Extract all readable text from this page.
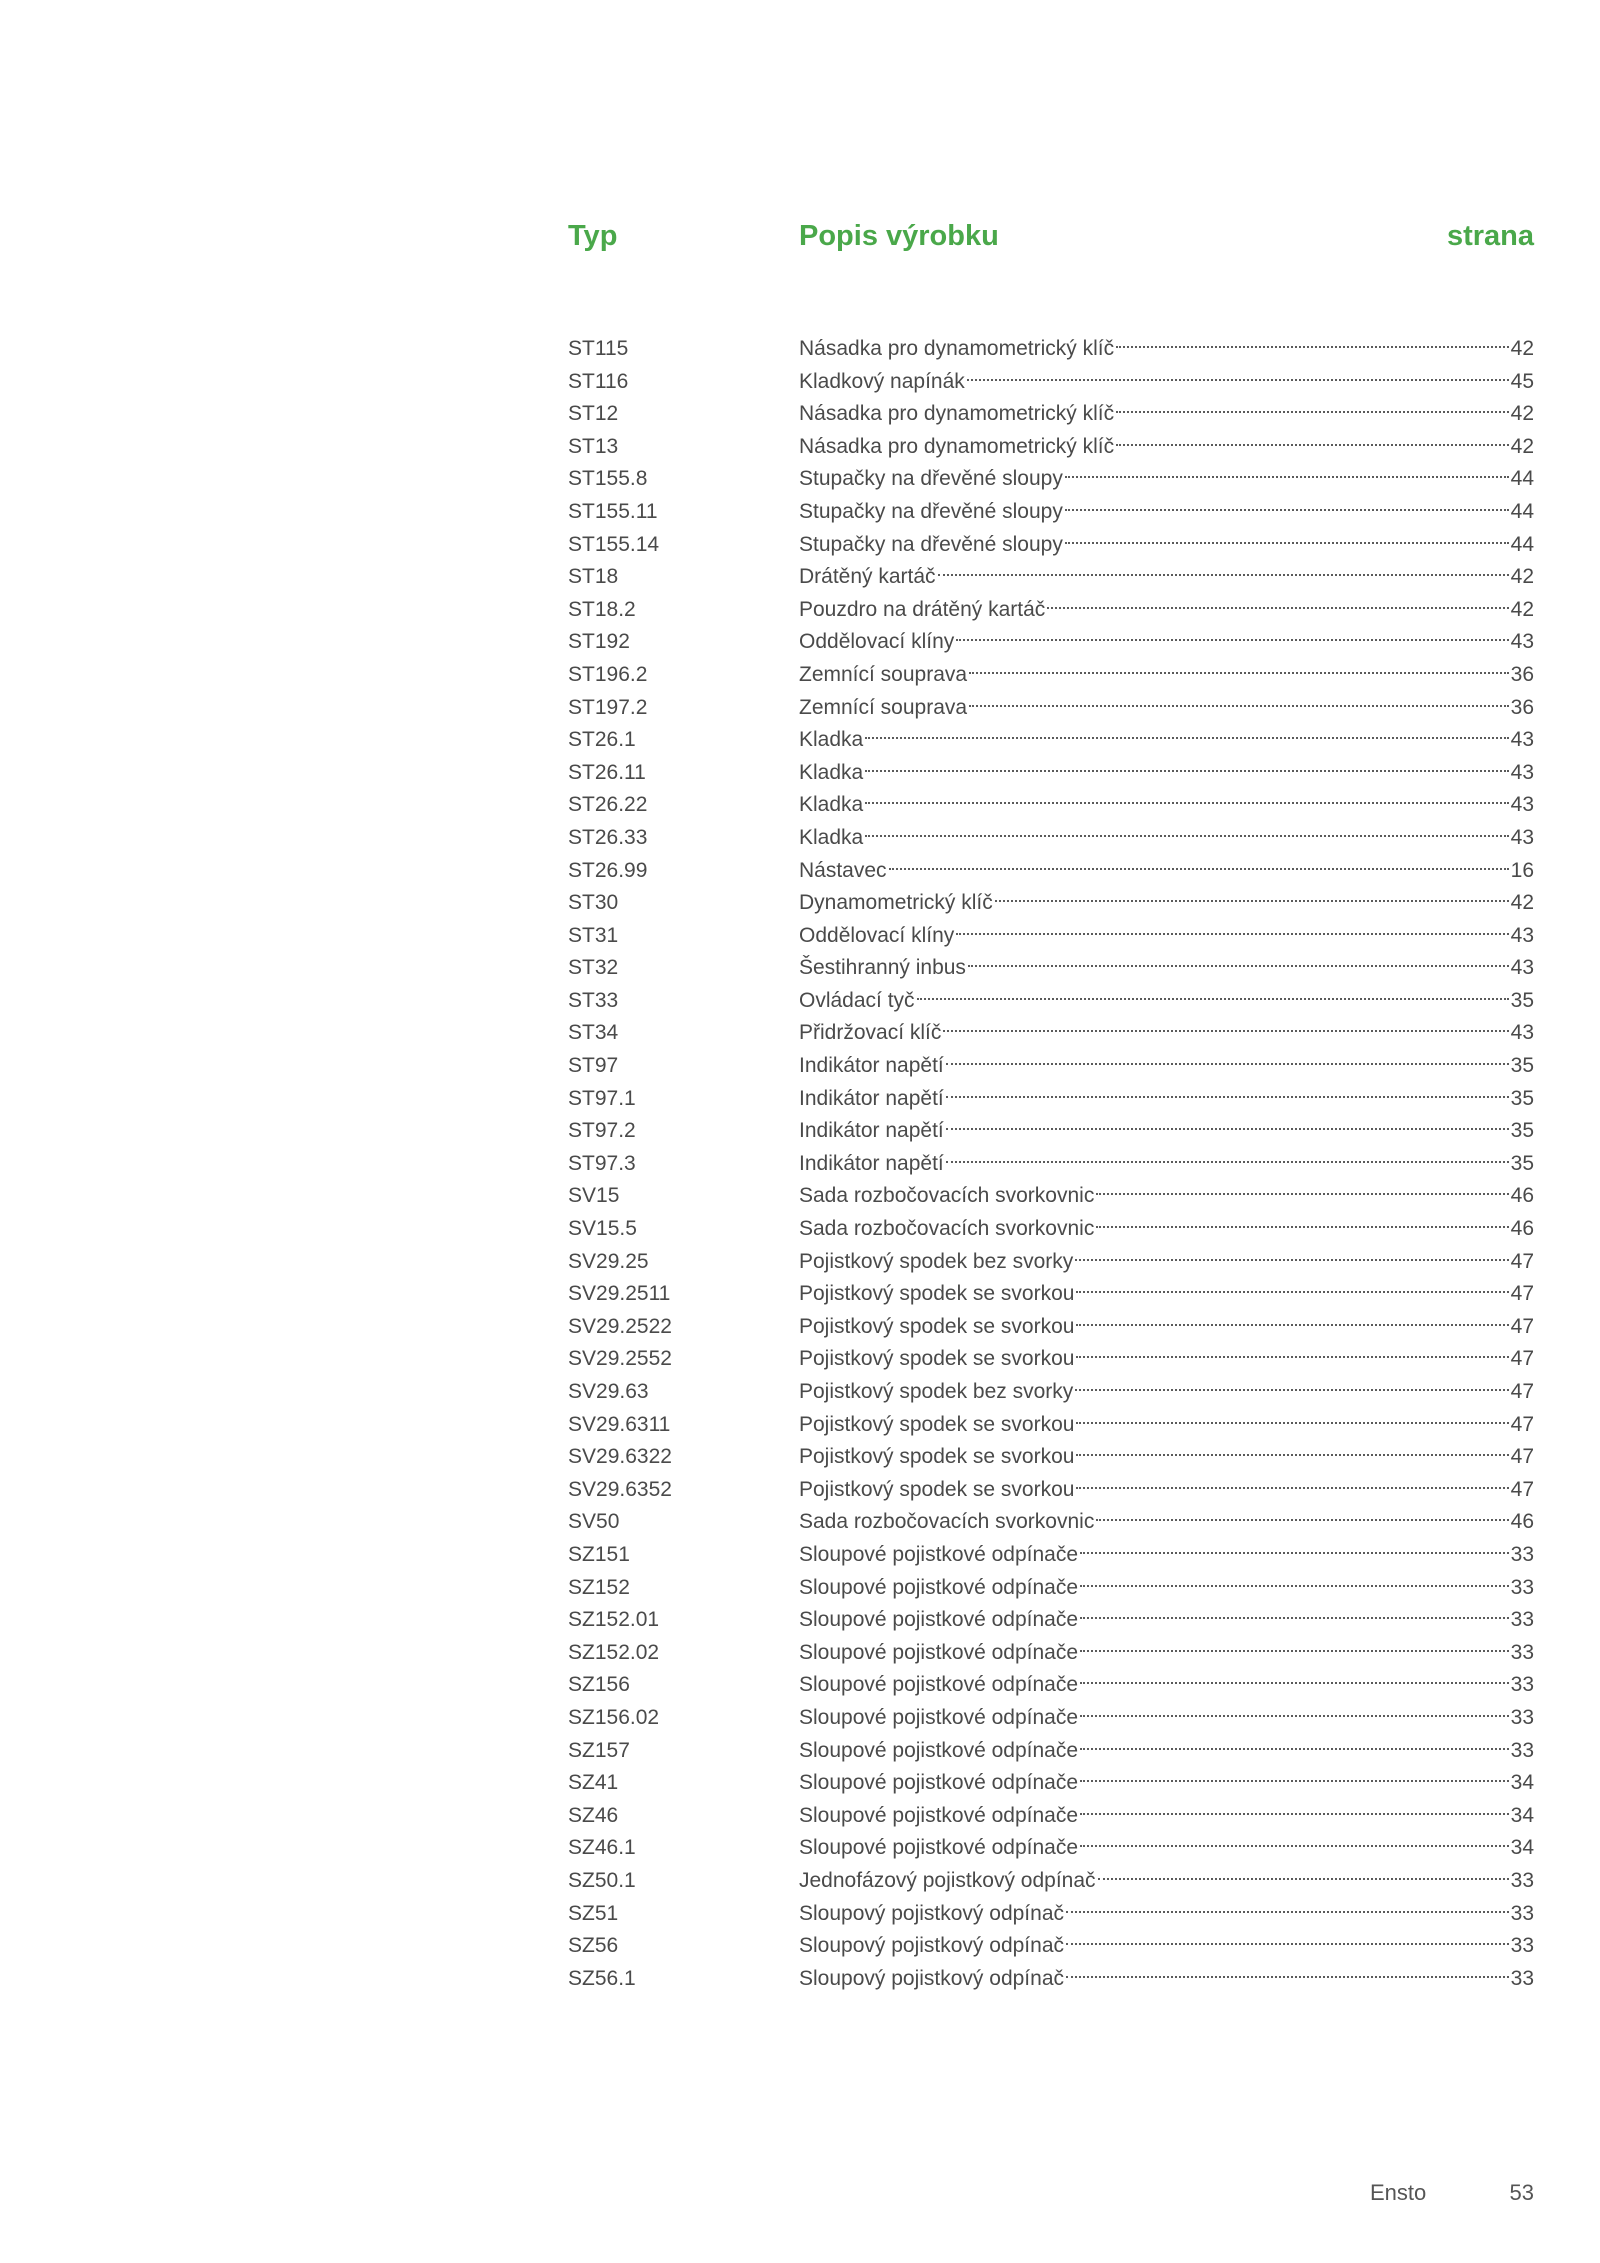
Typ	Popis výrobku	strana
ST115	Násadka pro dynamometrický klíč	42
ST116	Kladkový napínák	45
ST12	Násadka pro dynamometrický klíč	42
ST13	Násadka pro dynamometrický klíč	42
ST155.8	Stupačky na dřevěné sloupy	44
ST155.11	Stupačky na dřevěné sloupy	44
ST155.14	Stupačky na dřevěné sloupy	44
ST18	Drátěný kartáč	42
ST18.2	Pouzdro na drátěný kartáč	42
ST192	Oddělovací klíny	43
ST196.2	Zemnící souprava	36
ST197.2	Zemnící souprava	36
ST26.1	Kladka	43
ST26.11	Kladka	43
ST26.22	Kladka	43
ST26.33	Kladka	43
ST26.99	Nástavec	16
ST30	Dynamometrický klíč	42
ST31	Oddělovací klíny	43
ST32	Šestihranný inbus	43
ST33	Ovládací tyč	35
ST34	Přidržovací klíč	43
ST97	Indikátor napětí	35
ST97.1	Indikátor napětí	35
ST97.2	Indikátor napětí	35
ST97.3	Indikátor napětí	35
SV15	Sada rozbočovacích svorkovnic	46
SV15.5	Sada rozbočovacích svorkovnic	46
SV29.25	Pojistkový spodek bez svorky	47
SV29.2511	Pojistkový spodek se svorkou	47
SV29.2522	Pojistkový spodek se svorkou	47
SV29.2552	Pojistkový spodek se svorkou	47
SV29.63	Pojistkový spodek bez svorky	47
SV29.6311	Pojistkový spodek se svorkou	47
SV29.6322	Pojistkový spodek se svorkou	47
SV29.6352	Pojistkový spodek se svorkou	47
SV50	Sada rozbočovacích svorkovnic	46
SZ151	Sloupové pojistkové odpínače	33
SZ152	Sloupové pojistkové odpínače	33
SZ152.01	Sloupové pojistkové odpínače	33
SZ152.02	Sloupové pojistkové odpínače	33
SZ156	Sloupové pojistkové odpínače	33
SZ156.02	Sloupové pojistkové odpínače	33
SZ157	Sloupové pojistkové odpínače	33
SZ41	Sloupové pojistkové odpínače	34
SZ46	Sloupové pojistkové odpínače	34
SZ46.1	Sloupové pojistkové odpínače	34
SZ50.1	Jednofázový pojistkový odpínač	33
SZ51	Sloupový pojistkový odpínač	33
SZ56	Sloupový pojistkový odpínač	33
SZ56.1	Sloupový pojistkový odpínač	33
Ensto	53
